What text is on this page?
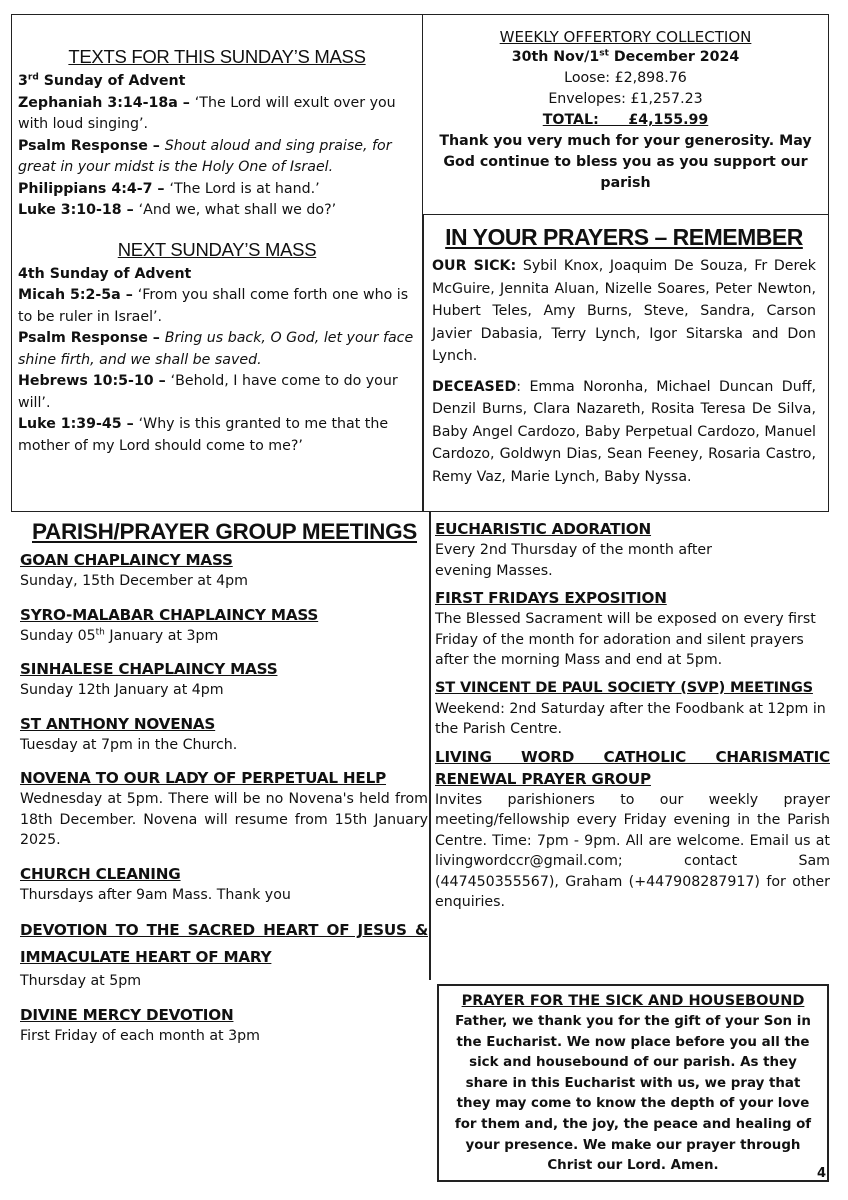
TEXTS FOR THIS SUNDAY’S MASS

3rd Sunday of Advent

Zephaniah 3:14-18a – ‘The Lord will exult over you with loud singing’.

Psalm Response – Shout aloud and sing praise, for great in your midst is the Holy One of Israel.

Philippians 4:4-7 – ‘The Lord is at hand.’

Luke 3:10-18 – ‘And we, what shall we do?’

NEXT SUNDAY’S MASS

4th Sunday of Advent

Micah 5:2-5a – ‘From you shall come forth one who is to be ruler in Israel’.

Psalm Response – Bring us back, O God, let your face shine firth, and we shall be saved.

Hebrews 10:5-10 – ‘Behold, I have come to do your will’.

Luke 1:39-45 – ‘Why is this granted to me that the mother of my Lord should come to me?’

WEEKLY OFFERTORY COLLECTION
30th Nov/1st December 2024
Loose: £2,898.76
Envelopes: £1,257.23
TOTAL:      £4,155.99
Thank you very much for your generosity. May God continue to bless you as you support our parish
IN YOUR PRAYERS – REMEMBER

OUR SICK: Sybil Knox, Joaquim De Souza, Fr Derek McGuire, Jennita Aluan, Nizelle Soares, Peter Newton, Hubert Teles, Amy Burns, Steve, Sandra, Carson Javier Dabasia, Terry Lynch, Igor Sitarska and Don Lynch.

DECEASED: Emma Noronha, Michael Duncan Duff, Denzil Burns, Clara Nazareth, Rosita Teresa De Silva, Baby Angel Cardozo, Baby Perpetual Cardozo, Manuel Cardozo, Goldwyn Dias, Sean Feeney, Rosaria Castro, Remy Vaz, Marie Lynch, Baby Nyssa.

PARISH/PRAYER GROUP MEETINGS
GOAN CHAPLAINCY MASS
Sunday, 15th December at 4pm
SYRO-MALABAR CHAPLAINCY MASS
Sunday 05th January at 3pm
SINHALESE CHAPLAINCY MASS
Sunday 12th January at 4pm
ST ANTHONY NOVENAS
Tuesday at 7pm in the Church.
NOVENA TO OUR LADY OF PERPETUAL HELP
Wednesday at 5pm. There will be no Novena's held from 18th December. Novena will resume from 15th January 2025.
CHURCH CLEANING
Thursdays after 9am Mass. Thank you
DEVOTION TO THE SACRED HEART OF JESUS & IMMACULATE HEART OF MARY
Thursday at 5pm
DIVINE MERCY DEVOTION
First Friday of each month at 3pm
EUCHARISTIC ADORATION
Every 2nd Thursday of the month after evening Masses.
FIRST FRIDAYS EXPOSITION
The Blessed Sacrament will be exposed on every first Friday of the month for adoration and silent prayers after the morning Mass and end at 5pm.
ST VINCENT DE PAUL SOCIETY (SVP) MEETINGS
Weekend: 2nd Saturday after the Foodbank at 12pm in the Parish Centre.
LIVING WORD CATHOLIC CHARISMATIC RENEWAL PRAYER GROUP
Invites parishioners to our weekly prayer meeting/fellowship every Friday evening in the Parish Centre. Time: 7pm - 9pm. All are welcome. Email us at livingwordccr@gmail.com; contact Sam (447450355567), Graham (+447908287917) for other enquiries.
PRAYER FOR THE SICK AND HOUSEBOUND
Father, we thank you for the gift of your Son in the Eucharist. We now place before you all the sick and housebound of our parish. As they share in this Eucharist with us, we pray that they may come to know the depth of your love for them and, the joy, the peace and healing of your presence. We make our prayer through Christ our Lord. Amen.
4
